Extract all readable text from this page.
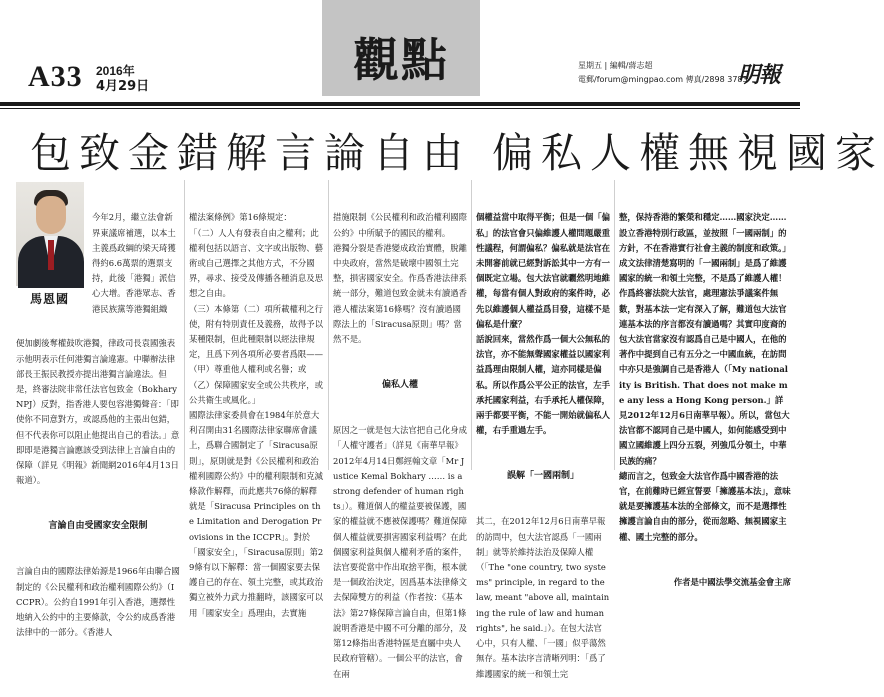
A33 2016年
4月29日	觀點	星期五 | 編輯/蔣志超
電郵/forum@mingpao.com 傳真/2898 3783
明報
包致金錯解言論自由 偏私人權無視國家
馬恩國

今年2月，繼立法會新界東議席補選，以本土主義爲政綱的梁天琦獲得約6.6萬票的選票支持，此後「港獨」派信心大增。香港眾志、香港民族黨等港獨組織

便加劇後奪權鼓吹港獨，律政司長袁國強表示他明表示任何港獨言論違憲。中聯辦法律部長王振民教授亦提出港獨言論違法。但是，終審法院非常任法官包致金（Bokhary NPJ）反對，指香港人要包容港獨聲音：「即使你不同意對方，或認爲他的主張出包錯，但不代表你可以阻止他提出自己的看法。」意即即是港獨言論應該受到法律上言論自由的保障（詳見《明報》新聞網2016年4月13日報道）。

言論自由受國家安全限制

言論自由的國際法律始源是1966年由聯合國制定的《公民權利和政治權利國際公約》（ICCPR）。公約自1991年引入香港，選擇性地納入公約中的主要條款，令公約成爲香港法律中的一部分。《香港人

權法案條例》第16條規定：
「（二）人人有發表自由之權利；此權利包括以語言、文字或出版物、藝術或自己選擇之其他方式，不分國界，尋求、接受及傳播各種消息及思想之自由。
（三）本條第（二）項所載權利之行使，附有特別責任及義務，故得予以某種限制，但此種限制以經法律規定，且爲下列各項所必要者爲限——
（甲）尊重他人權利或名譽；或
（乙）保障國家安全或公共秩序，或公共衛生或風化。」
國際法律家委員會在1984年於意大利召開由31名國際法律家聯席會議上，爲聯合國制定了「Siracusa原則」，原則就是對《公民權利和政治權利國際公約》中的權利限制和克減條款作解釋，而此應共76條的解釋就是「Siracusa Principles on the Limitation and Derogation Provisions in the ICCPR」。對於「國家安全」，「Siracusa原則」第29條有以下解釋：當一個國家要去保護自己的存在、領土完整，或其政治獨立被外力武力推翻時，該國家可以用「國家安全」爲理由，去實施

措施限制《公民權利和政治權利國際公約》中所賦予的國民的權利。
港獨分裂是香港變成政治實體，脫離中央政府，當然是破壞中國領土完整，損害國家安全。作爲香港法律系統一部分，難道包致金就未有讀過香港人權法案第16條嗎？沒有讀過國際法上的「Siracusa原則」嗎？當然不是。

偏私人權

原因之一就是包大法官把自己化身成「人權守護者」（詳見《南華早報》2012年4月14日鄭經翰文章「Mr Justice Kemal Bokhary …… is a strong defender of human rights」）。難道個人的權益要被保護，國家的權益就不應被保護嗎？難道保障個人權益就要損害國家利益嗎？在此個國家利益與個人權利矛盾的案件，法官要從當中作出取捨平衡，根本就是一個政治決定，因爲基本法律條文去保障雙方的利益（作者按：《基本法》第27條保障言論自由，但第1條說明香港是中國不可分離的部分，及第12條指出香港特區是直屬中央人民政府管轄）。一個公平的法官，會在兩

個權益當中取得平衡；但是一個「偏私」的法官會只偏維護人權問題嚴重性議程，何謂偏私？偏私就是法官在未開審前就已經對訴訟其中一方有一個既定立場。包大法官就曬然明地維權，每當有個人對政府的案件時，必先以維護個人權益爲目發，這樣不是偏私是什麼？
話說回來，當然作爲一個大公無私的法官，亦不能無聲國家權益以國家利益爲理由限制人權，這亦同樣是偏私。所以作爲公平公正的法官，左手承托國家利益，右手承托人權保障，兩手都要平衡，不能一開始就偏私人權，右手重過左手。

誤解「一國兩制」

其二，在2012年12月6日南華早報的訪問中，包大法官認爲「一國兩制」就等於維持法治及保障人權（「The "one country, two systems" principle, in regard to the law, meant "above all, maintaining the rule of law and human rights", he said.」）。在包大法官心中，只有人權、「一國」似乎蕩然無存。基本法序言清晰列明：「爲了維護國家的統一和領土完

整，保持香港的繁榮和穩定……國家決定……設立香港特別行政區，並按照「一國兩制」的方針，不在香港實行社會主義的制度和政策。」成文法律清楚寫明的「一國兩制」是爲了維護國家的統一和領土完整，不是爲了維護人權！作爲終審法院大法官，處理憲法爭議案件無數，對基本法一定有深入了解，難道包大法官連基本法的序言都沒有讀過嗎？其實印度裔的包大法官當家沒有認爲自己是中國人，在他的著作中提到自己有五分之一中國血統，在訪問中亦只是強調自己是香港人（「My nationality is British. That does not make me any less a Hong Kong person.」詳見2012年12月6日南華早報）。所以，當包大法官都不認同自己是中國人，如何能感受到中國立國維護上四分五裂，列強瓜分領土，中華民族的痛？
總而言之，包致金大法官作爲中國香港的法官，在前難時已經宣誓要「擁護基本法」，意味就是要擁護基本法的全部條文，而不是選擇性擁護言論自由的部分，從而忽略、無視國家主權、國土完整的部分。

作者是中國法學交流基金會主席
